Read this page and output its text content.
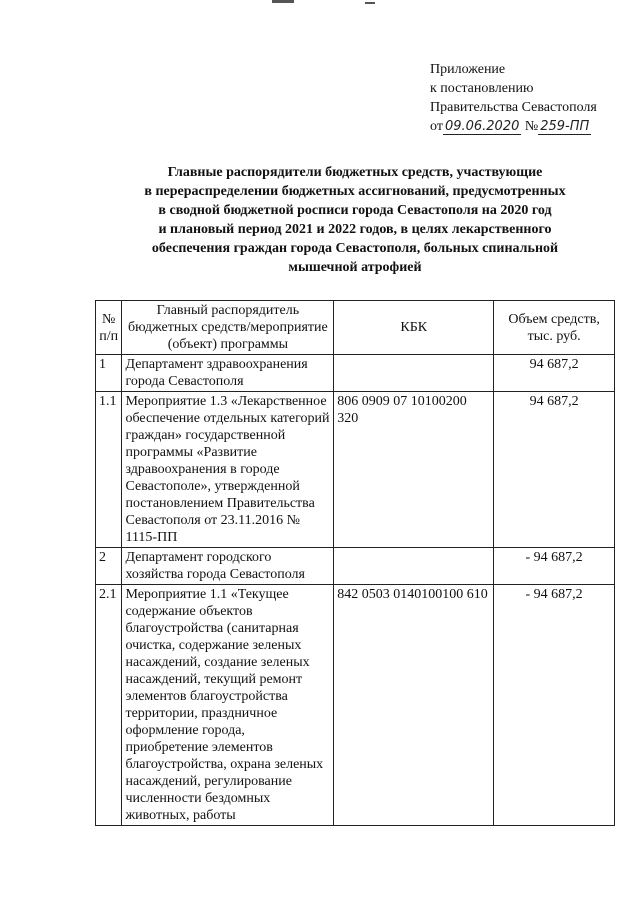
Приложение
к постановлению
Правительства Севастополя
от 09.06.2020 № 259-ПП
Главные распорядители бюджетных средств, участвующие
в перераспределении бюджетных ассигнований, предусмотренных
в сводной бюджетной росписи города Севастополя на 2020 год
и плановый период 2021 и 2022 годов, в целях лекарственного
обеспечения граждан города Севастополя, больных спинальной
мышечной атрофией
№ п/п	Главный распорядитель бюджетных средств/мероприятие (объект) программы	КБК	Объем средств, тыс. руб.
1	Департамент здравоохранения города Севастополя		94 687,2
1.1	Мероприятие 1.3 «Лекарственное обеспечение отдельных категорий граждан» государственной программы «Развитие здравоохранения в городе Севастополе», утвержденной постановлением Правительства Севастополя от 23.11.2016 № 1115-ПП	806 0909 07 10100200 320	94 687,2
2	Департамент городского хозяйства города Севастополя		- 94 687,2
2.1	Мероприятие 1.1 «Текущее содержание объектов благоустройства (санитарная очистка, содержание зеленых насаждений, создание зеленых насаждений, текущий ремонт элементов благоустройства территории, праздничное оформление города, приобретение элементов благоустройства, охрана зеленых насаждений, регулирование численности бездомных животных, работы	842 0503 0140100100 610	- 94 687,2
